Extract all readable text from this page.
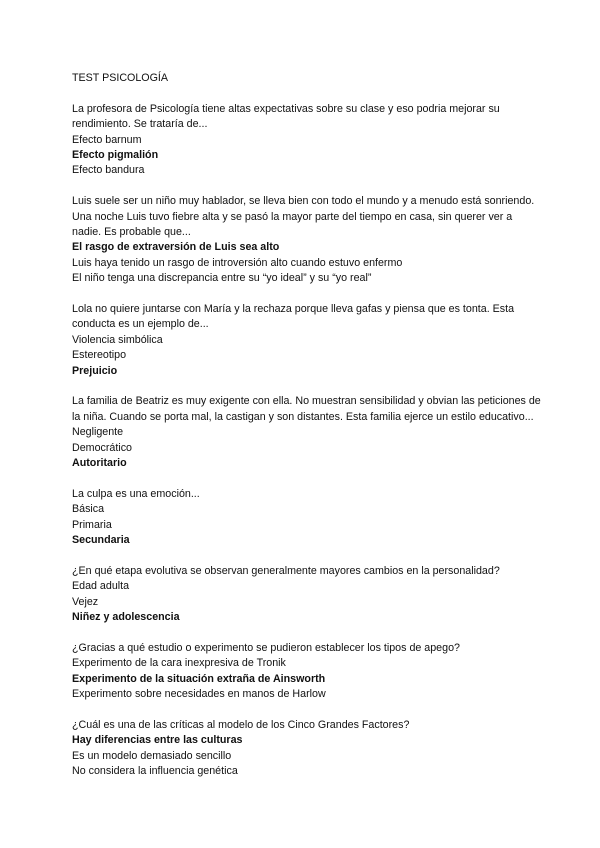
TEST PSICOLOGÍA

La profesora de Psicología tiene altas expectativas sobre su clase y eso podria mejorar su rendimiento. Se trataría de...

Efecto barnum

Efecto pigmalión

Efecto bandura

Luis suele ser un niño muy hablador, se lleva bien con todo el mundo y a menudo está sonriendo. Una noche Luis tuvo fiebre alta y se pasó la mayor parte del tiempo en casa, sin querer ver a nadie. Es probable que...

El rasgo de extraversión de Luis sea alto

Luis haya tenido un rasgo de introversión alto cuando estuvo enfermo

El niño tenga una discrepancia entre su “yo ideal” y su “yo real”

Lola no quiere juntarse con María y la rechaza porque lleva gafas y piensa que es tonta. Esta conducta es un ejemplo de...

Violencia simbólica

Estereotipo

Prejuicio

La familia de Beatriz es muy exigente con ella. No muestran sensibilidad y obvian las peticiones de la niña. Cuando se porta mal, la castigan y son distantes. Esta familia ejerce un estilo educativo...

Negligente

Democrático

Autoritario

La culpa es una emoción...

Básica

Primaria

Secundaria

¿En qué etapa evolutiva se observan generalmente mayores cambios en la personalidad?

Edad adulta

Vejez

Niñez y adolescencia

¿Gracias a qué estudio o experimento se pudieron establecer los tipos de apego?

Experimento de la cara inexpresiva de Tronik

Experimento de la situación extraña de Ainsworth

Experimento sobre necesidades en manos de Harlow

¿Cuál es una de las críticas al modelo de los Cinco Grandes Factores?

Hay diferencias entre las culturas

Es un modelo demasiado sencillo

No considera la influencia genética
